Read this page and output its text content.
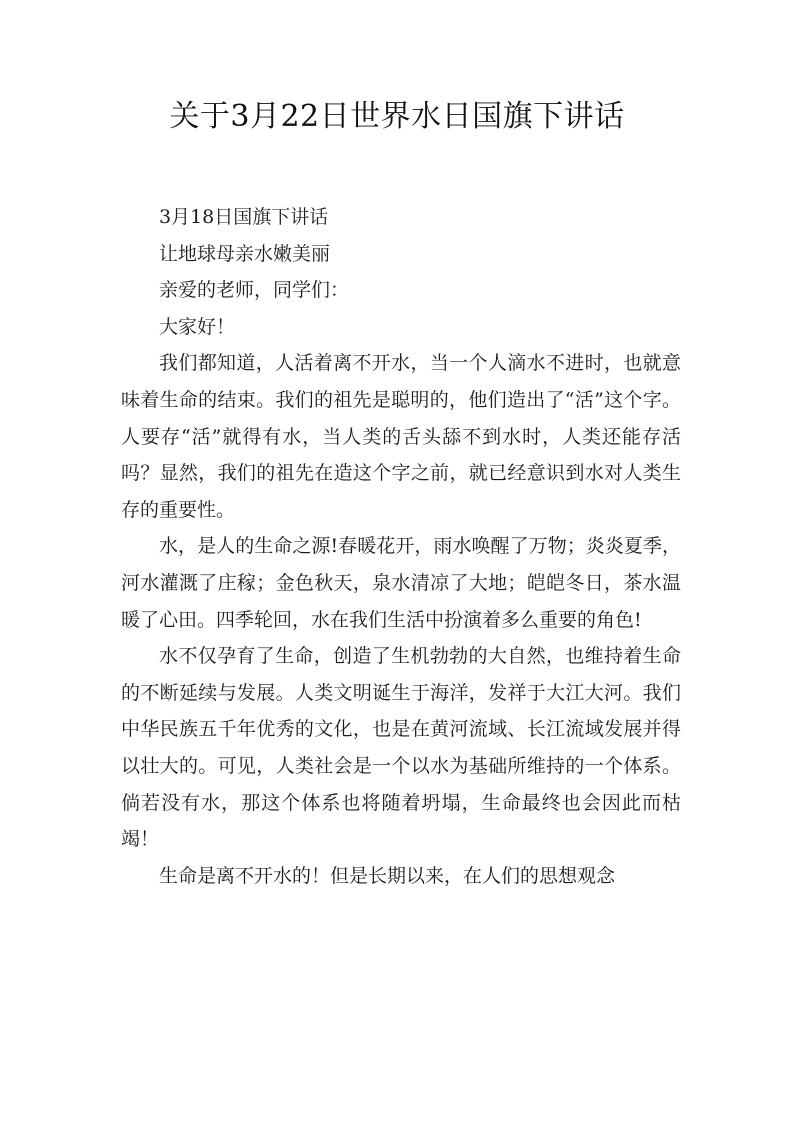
关于3月22日世界水日国旗下讲话

3月18日国旗下讲话

让地球母亲水嫩美丽

亲爱的老师，同学们：

大家好！

我们都知道，人活着离不开水，当一个人滴水不进时，也就意味着生命的结束。我们的祖先是聪明的，他们造出了“活”这个字。人要存“活”就得有水，当人类的舌头舔不到水时，人类还能存活吗？显然，我们的祖先在造这个字之前，就已经意识到水对人类生存的重要性。

水，是人的生命之源!春暖花开，雨水唤醒了万物；炎炎夏季，河水灌溉了庄稼；金色秋天，泉水清凉了大地；皑皑冬日，茶水温暖了心田。四季轮回，水在我们生活中扮演着多么重要的角色!

水不仅孕育了生命，创造了生机勃勃的大自然，也维持着生命的不断延续与发展。人类文明诞生于海洋，发祥于大江大河。我们中华民族五千年优秀的文化，也是在黄河流域、长江流域发展并得以壮大的。可见，人类社会是一个以水为基础所维持的一个体系。倘若没有水，那这个体系也将随着坍塌，生命最终也会因此而枯竭！

生命是离不开水的！但是长期以来，在人们的思想观念
